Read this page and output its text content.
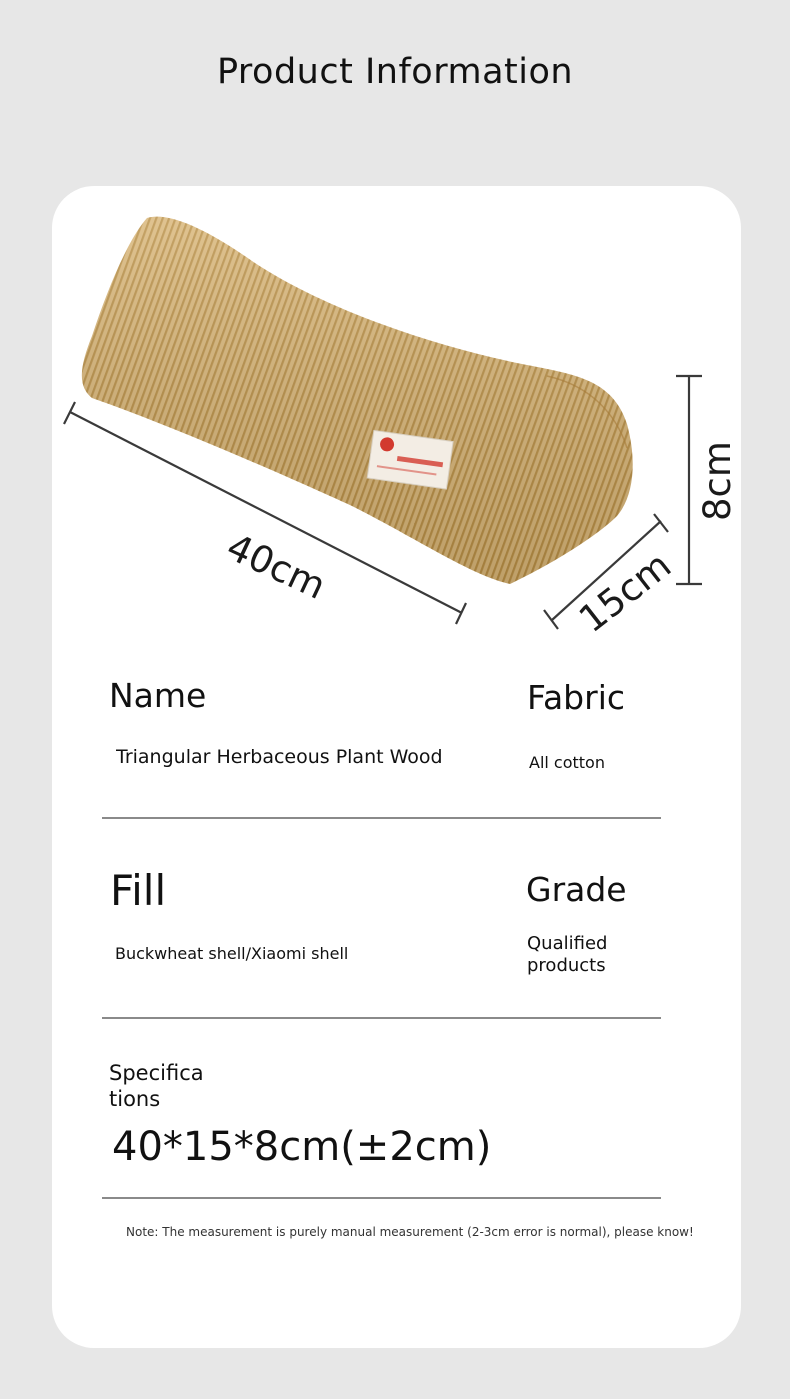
Product Information
40cm	15cm
8cm
Name
Triangular Herbaceous Plant Wood
Fabric
All cotton
Fill
Buckwheat shell/Xiaomi shell
Grade
Qualified
products
Specifica
tions
40*15*8cm(±2cm)
Note: The measurement is purely manual measurement (2-3cm error is normal), please know!
